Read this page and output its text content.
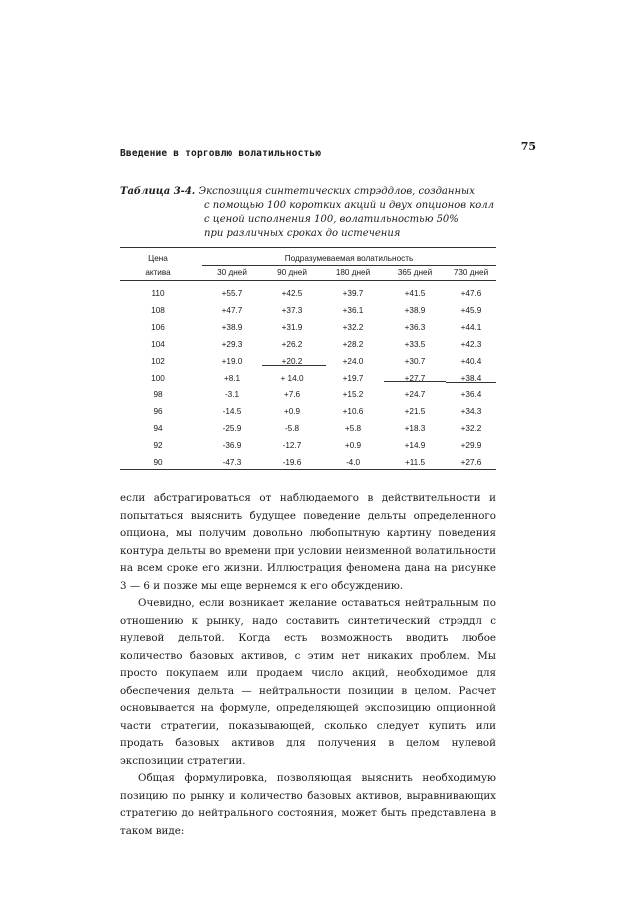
75
Введение в торговлю волатильностью
Таблица 3-4. Экспозиция синтетических стрэддлов, созданных
с помощью 100 коротких акций и двух опционов колл
с ценой исполнения 100, волатильностью 50%
при различных сроках до истечения
Цена
актива
Подразумеваемая волатильность
30 дней	90 дней	180 дней	365 дней	730 дней
110	+55.7	+42.5	+39.7	+41.5	+47.6
108	+47.7	+37.3	+36.1	+38.9	+45.9
106	+38.9	+31.9	+32.2	+36.3	+44.1
104	+29.3	+26.2	+28.2	+33.5	+42.3
102	+19.0	+20.2	+24.0	+30.7	+40.4
100	+8.1	+ 14.0	+19.7	+27.7	+38.4
98	-3.1	+7.6	+15.2	+24.7	+36.4
96	-14.5	+0.9	+10.6	+21.5	+34.3
94	-25.9	-5.8	+5.8	+18.3	+32.2
92	-36.9	-12.7	+0.9	+14.9	+29.9
90	-47.3	-19.6	-4.0	+11.5	+27.6

если абстрагироваться от наблюдаемого в действительности и попытаться выяснить будущее поведение дельты определенного опциона, мы получим довольно любопытную картину поведения контура дельты во времени при условии неизменной волатильности на всем сроке его жизни. Иллюстрация феномена дана на рисунке 3 — 6 и позже мы еще вернемся к его обсуждению.

Очевидно, если возникает желание оставаться нейтральным по отношению к рынку, надо составить синтетический стрэддл с нулевой дельтой. Когда есть возможность вводить любое количество базовых активов, с этим нет никаких проблем. Мы просто покупаем или продаем число акций, необходимое для обеспечения дельта — нейтральности позиции в целом. Расчет основывается на формуле, определяющей экспозицию опционной части стратегии, показывающей, сколько следует купить или продать базовых активов для получения в целом нулевой экспозиции стратегии.

Общая формулировка, позволяющая выяснить необходимую позицию по рынку и количество базовых активов, выравнивающих стратегию до нейтрального состояния, может быть представлена в таком виде:
